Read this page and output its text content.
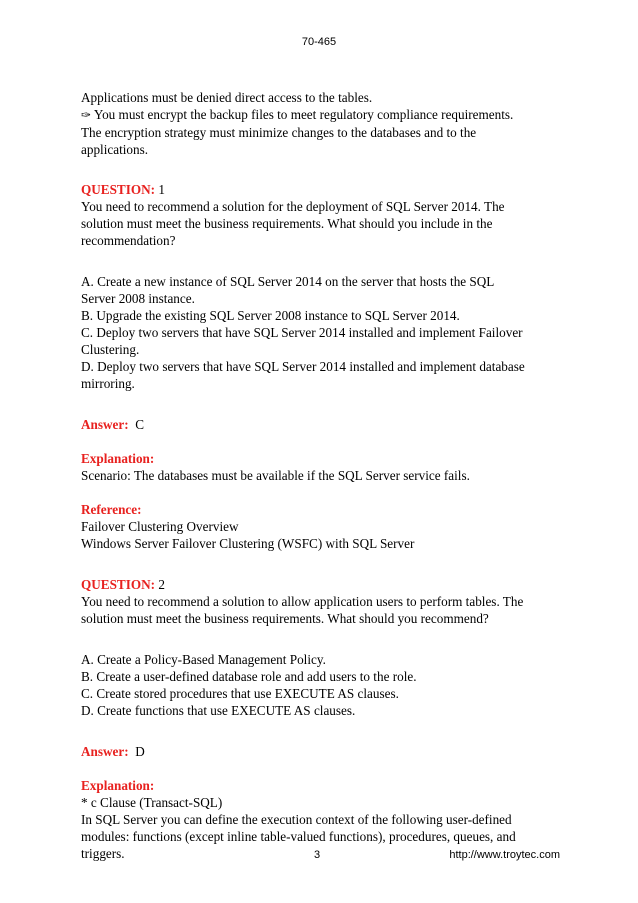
70-465
Applications must be denied direct access to the tables.
✑ You must encrypt the backup files to meet regulatory compliance requirements.
The encryption strategy must minimize changes to the databases and to the
applications.
QUESTION: 1
You need to recommend a solution for the deployment of SQL Server 2014. The
solution must meet the business requirements. What should you include in the
recommendation?
A. Create a new instance of SQL Server 2014 on the server that hosts the SQL
Server 2008 instance.
B. Upgrade the existing SQL Server 2008 instance to SQL Server 2014.
C. Deploy two servers that have SQL Server 2014 installed and implement Failover
Clustering.
D. Deploy two servers that have SQL Server 2014 installed and implement database
mirroring.
Answer: C
Explanation:
Scenario: The databases must be available if the SQL Server service fails.
Reference:
Failover Clustering Overview
Windows Server Failover Clustering (WSFC) with SQL Server
QUESTION: 2
You need to recommend a solution to allow application users to perform tables. The
solution must meet the business requirements. What should you recommend?
A. Create a Policy-Based Management Policy.
B. Create a user-defined database role and add users to the role.
C. Create stored procedures that use EXECUTE AS clauses.
D. Create functions that use EXECUTE AS clauses.
Answer: D
Explanation:
* c Clause (Transact-SQL)
In SQL Server you can define the execution context of the following user-defined
modules: functions (except inline table-valued functions), procedures, queues, and
triggers.	3	http://www.troytec.com
